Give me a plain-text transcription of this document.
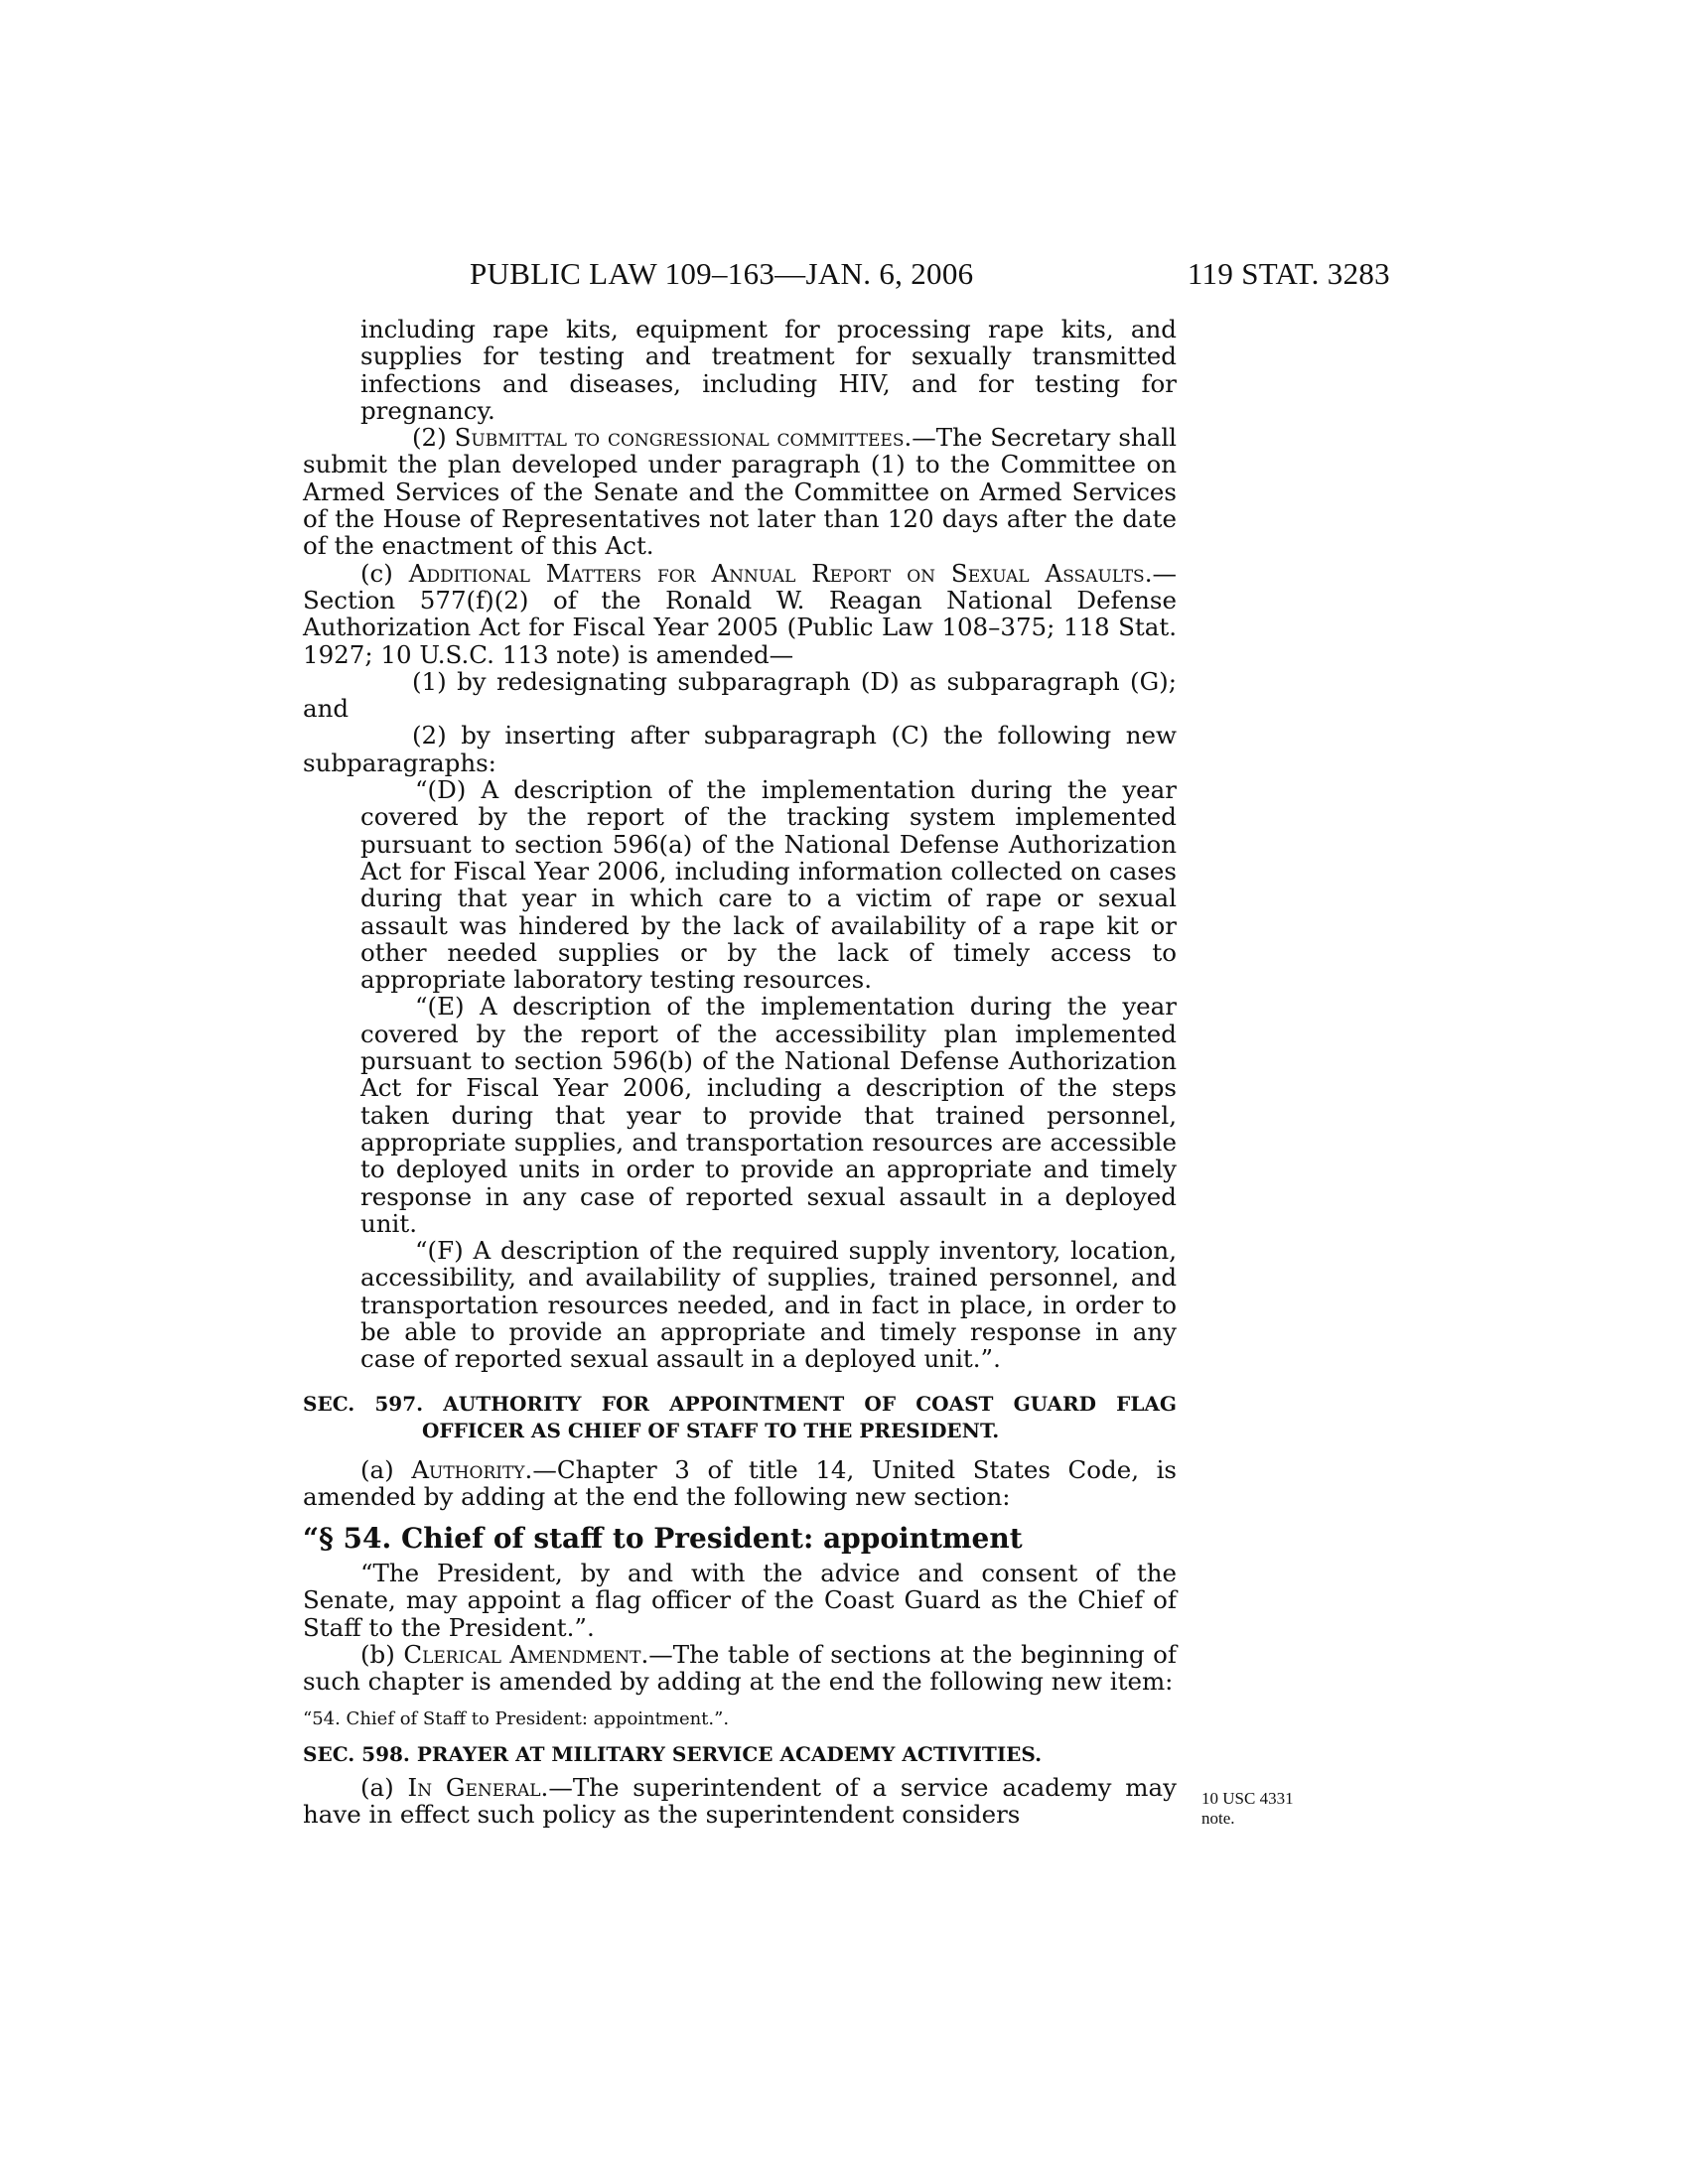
PUBLIC LAW 109–163—JAN. 6, 2006	119 STAT. 3283

including rape kits, equipment for processing rape kits, and supplies for testing and treatment for sexually transmitted infections and diseases, including HIV, and for testing for pregnancy.

(2) Submittal to congressional committees.—The Secretary shall submit the plan developed under paragraph (1) to the Committee on Armed Services of the Senate and the Committee on Armed Services of the House of Representatives not later than 120 days after the date of the enactment of this Act.

(c) Additional Matters for Annual Report on Sexual Assaults.—Section 577(f)(2) of the Ronald W. Reagan National Defense Authorization Act for Fiscal Year 2005 (Public Law 108–375; 118 Stat. 1927; 10 U.S.C. 113 note) is amended—

(1) by redesignating subparagraph (D) as subparagraph (G); and

(2) by inserting after subparagraph (C) the following new subparagraphs:

“(D) A description of the implementation during the year covered by the report of the tracking system implemented pursuant to section 596(a) of the National Defense Authorization Act for Fiscal Year 2006, including information collected on cases during that year in which care to a victim of rape or sexual assault was hindered by the lack of availability of a rape kit or other needed supplies or by the lack of timely access to appropriate laboratory testing resources.

“(E) A description of the implementation during the year covered by the report of the accessibility plan implemented pursuant to section 596(b) of the National Defense Authorization Act for Fiscal Year 2006, including a description of the steps taken during that year to provide that trained personnel, appropriate supplies, and transportation resources are accessible to deployed units in order to provide an appropriate and timely response in any case of reported sexual assault in a deployed unit.

“(F) A description of the required supply inventory, location, accessibility, and availability of supplies, trained personnel, and transportation resources needed, and in fact in place, in order to be able to provide an appropriate and timely response in any case of reported sexual assault in a deployed unit.”.

SEC. 597. AUTHORITY FOR APPOINTMENT OF COAST GUARD FLAG OFFICER AS CHIEF OF STAFF TO THE PRESIDENT.

(a) Authority.—Chapter 3 of title 14, United States Code, is amended by adding at the end the following new section:

“§ 54. Chief of staff to President: appointment

“The President, by and with the advice and consent of the Senate, may appoint a flag officer of the Coast Guard as the Chief of Staff to the President.”.

(b) Clerical Amendment.—The table of sections at the beginning of such chapter is amended by adding at the end the following new item:

“54. Chief of Staff to President: appointment.”.

SEC. 598. PRAYER AT MILITARY SERVICE ACADEMY ACTIVITIES.

(a) In General.—The superintendent of a service academy may have in effect such policy as the superintendent considers

10 USC 4331 note.
